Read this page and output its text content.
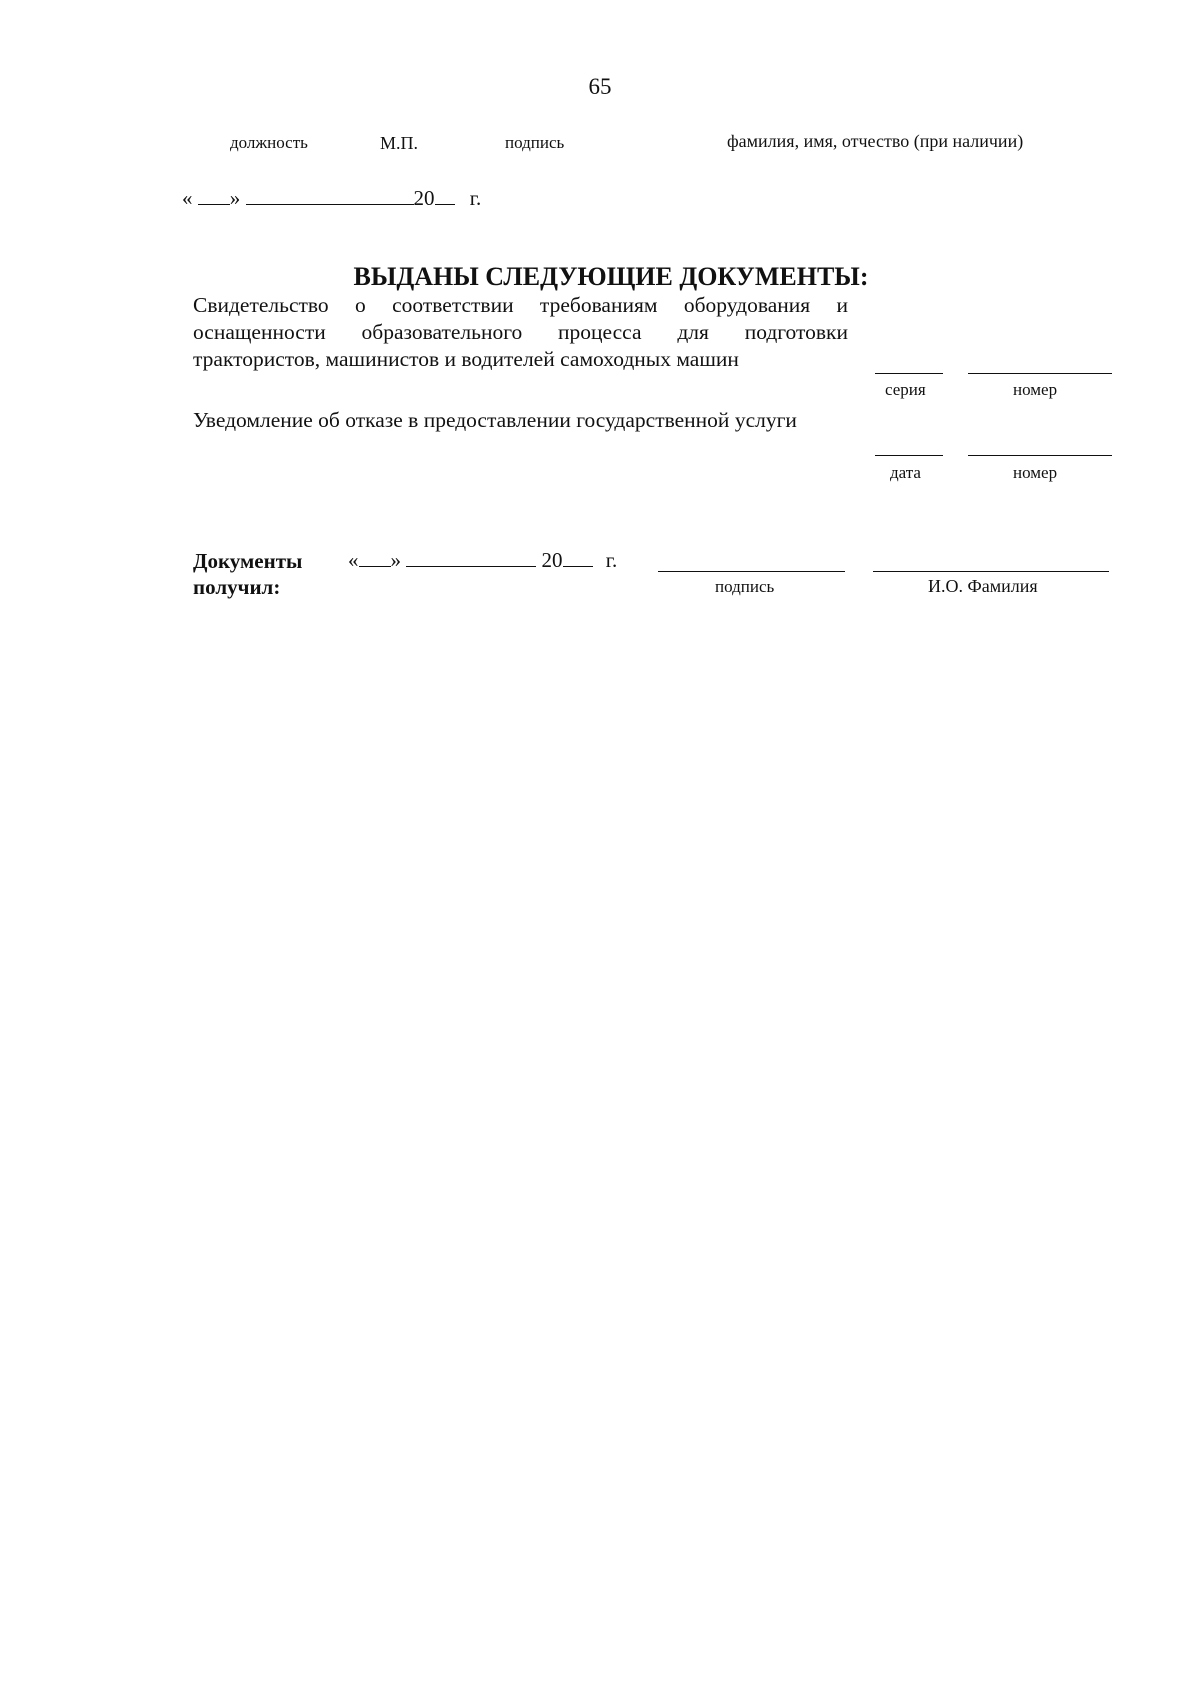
65
должность	М.П.	подпись	фамилия, имя, отчество (при наличии)
« »	20 г.
ВЫДАНЫ СЛЕДУЮЩИЕ ДОКУМЕНТЫ:
Свидетельство о соответствии требованиям оборудования и оснащенности образовательного процесса для подготовки трактористов, машинистов и водителей самоходных машин
серия	номер
Уведомление об отказе в предоставлении государственной услуги
дата	номер
Документы получил:
« »	20 г.
подпись	И.О. Фамилия
